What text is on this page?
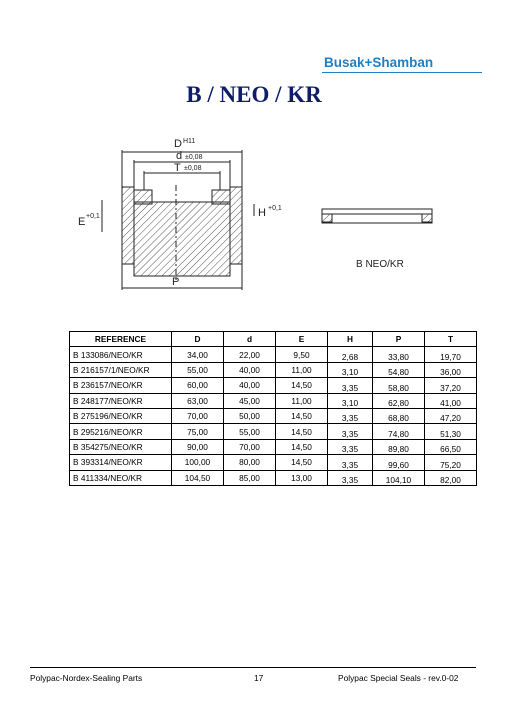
Busak+Shamban
B / NEO / KR
D H11
d ±0,08
T ±0,08
E +0,1	H +0,1
P
B NEO/KR
REFERENCE	D	d	E	H	P	T
B 133086/NEO/KR	34,00	22,00	9,50	2,68	33,80	19,70
B 216157/1/NEO/KR	55,00	40,00	11,00	3,10	54,80	36,00
B 236157/NEO/KR	60,00	40,00	14,50	3,35	58,80	37,20
B 248177/NEO/KR	63,00	45,00	11,00	3,10	62,80	41,00
B 275196/NEO/KR	70,00	50,00	14,50	3,35	68,80	47,20
B 295216/NEO/KR	75,00	55,00	14,50	3,35	74,80	51,30
B 354275/NEO/KR	90,00	70,00	14,50	3,35	89,80	66,50
B 393314/NEO/KR	100,00	80,00	14,50	3,35	99,60	75,20
B 411334/NEO/KR	104,50	85,00	13,00	3,35	104,10	82,00
Polypac-Nordex-Sealing Parts	17	Polypac Special Seals - rev.0-02
